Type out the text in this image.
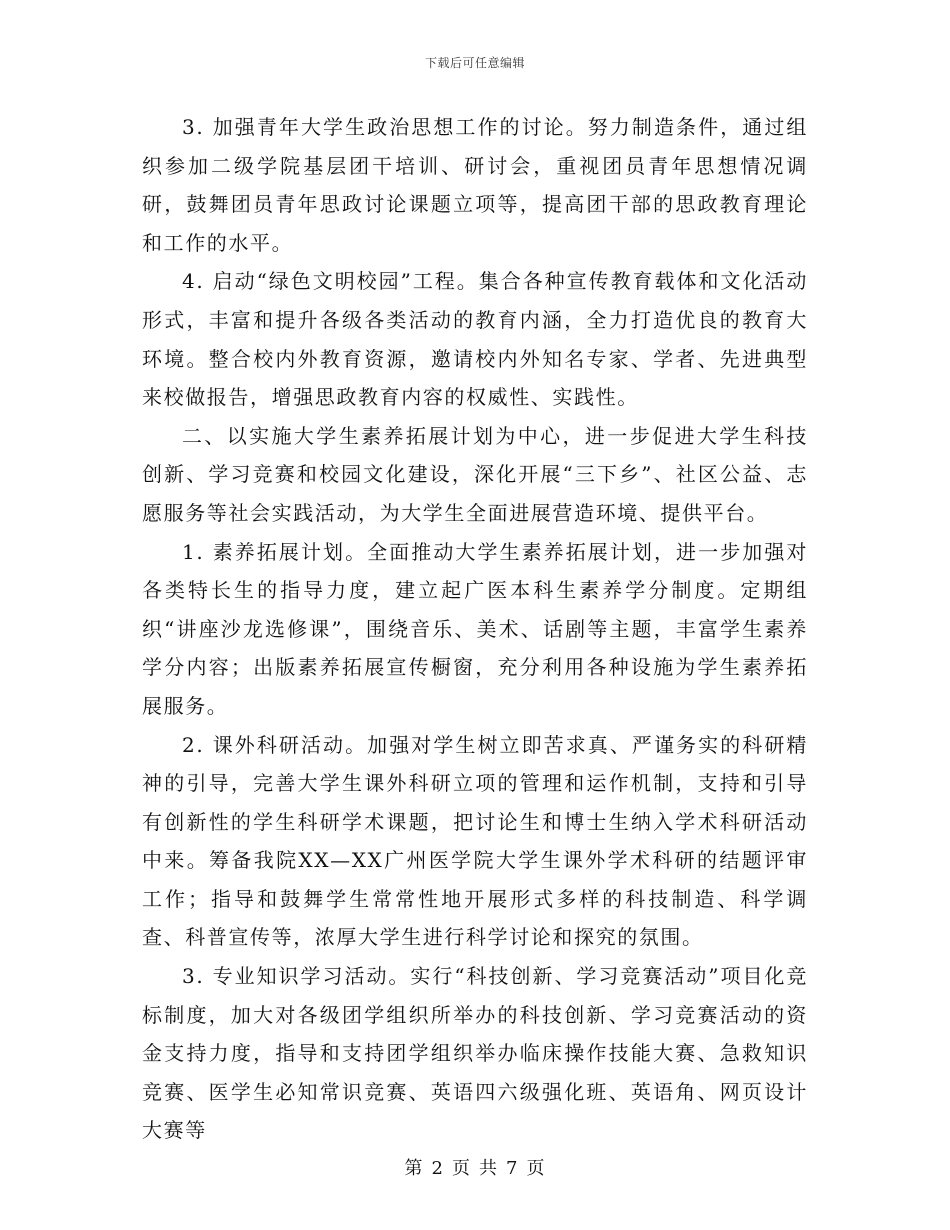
下载后可任意编辑

3. 加强青年大学生政治思想工作的讨论。努力制造条件，通过组织参加二级学院基层团干培训、研讨会，重视团员青年思想情况调研，鼓舞团员青年思政讨论课题立项等，提高团干部的思政教育理论和工作的水平。

4. 启动“绿色文明校园”工程。集合各种宣传教育载体和文化活动形式，丰富和提升各级各类活动的教育内涵，全力打造优良的教育大环境。整合校内外教育资源，邀请校内外知名专家、学者、先进典型来校做报告，增强思政教育内容的权威性、实践性。

二、以实施大学生素养拓展计划为中心，进一步促进大学生科技创新、学习竞赛和校园文化建设，深化开展“三下乡”、社区公益、志愿服务等社会实践活动，为大学生全面进展营造环境、提供平台。

1. 素养拓展计划。全面推动大学生素养拓展计划，进一步加强对各类特长生的指导力度，建立起广医本科生素养学分制度。定期组织“讲座沙龙选修课”，围绕音乐、美术、话剧等主题，丰富学生素养学分内容；出版素养拓展宣传橱窗，充分利用各种设施为学生素养拓展服务。

2. 课外科研活动。加强对学生树立即苦求真、严谨务实的科研精神的引导，完善大学生课外科研立项的管理和运作机制，支持和引导有创新性的学生科研学术课题，把讨论生和博士生纳入学术科研活动中来。筹备我院XX—XX广州医学院大学生课外学术科研的结题评审工作；指导和鼓舞学生常常性地开展形式多样的科技制造、科学调查、科普宣传等，浓厚大学生进行科学讨论和探究的氛围。

3. 专业知识学习活动。实行“科技创新、学习竞赛活动”项目化竞标制度，加大对各级团学组织所举办的科技创新、学习竞赛活动的资金支持力度，指导和支持团学组织举办临床操作技能大赛、急救知识竞赛、医学生必知常识竞赛、英语四六级强化班、英语角、网页设计大赛等

第 2 页 共 7 页
